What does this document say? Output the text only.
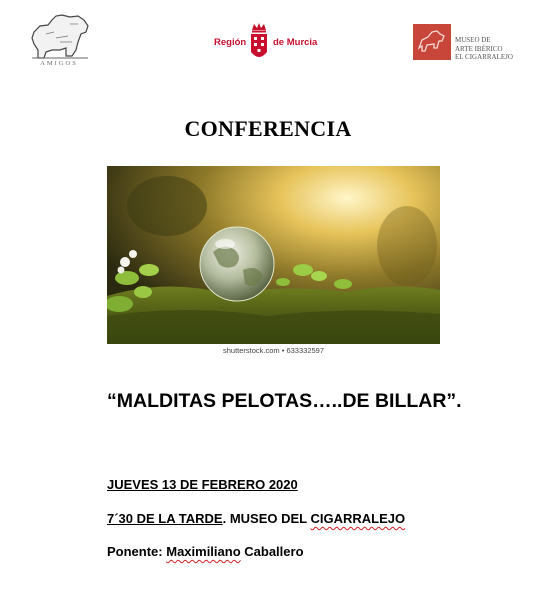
AMIGOS
Región	de Murcia	MUSEO DE
ARTE IBÉRICO
EL CIGARRALEJO
CONFERENCIA
shutterstock.com • 633332597
“MALDITAS PELOTAS…..DE BILLAR”.
JUEVES 13 DE FEBRERO 2020
7´30 DE LA TARDE. MUSEO DEL CIGARRALEJO
Ponente: Maximiliano Caballero
